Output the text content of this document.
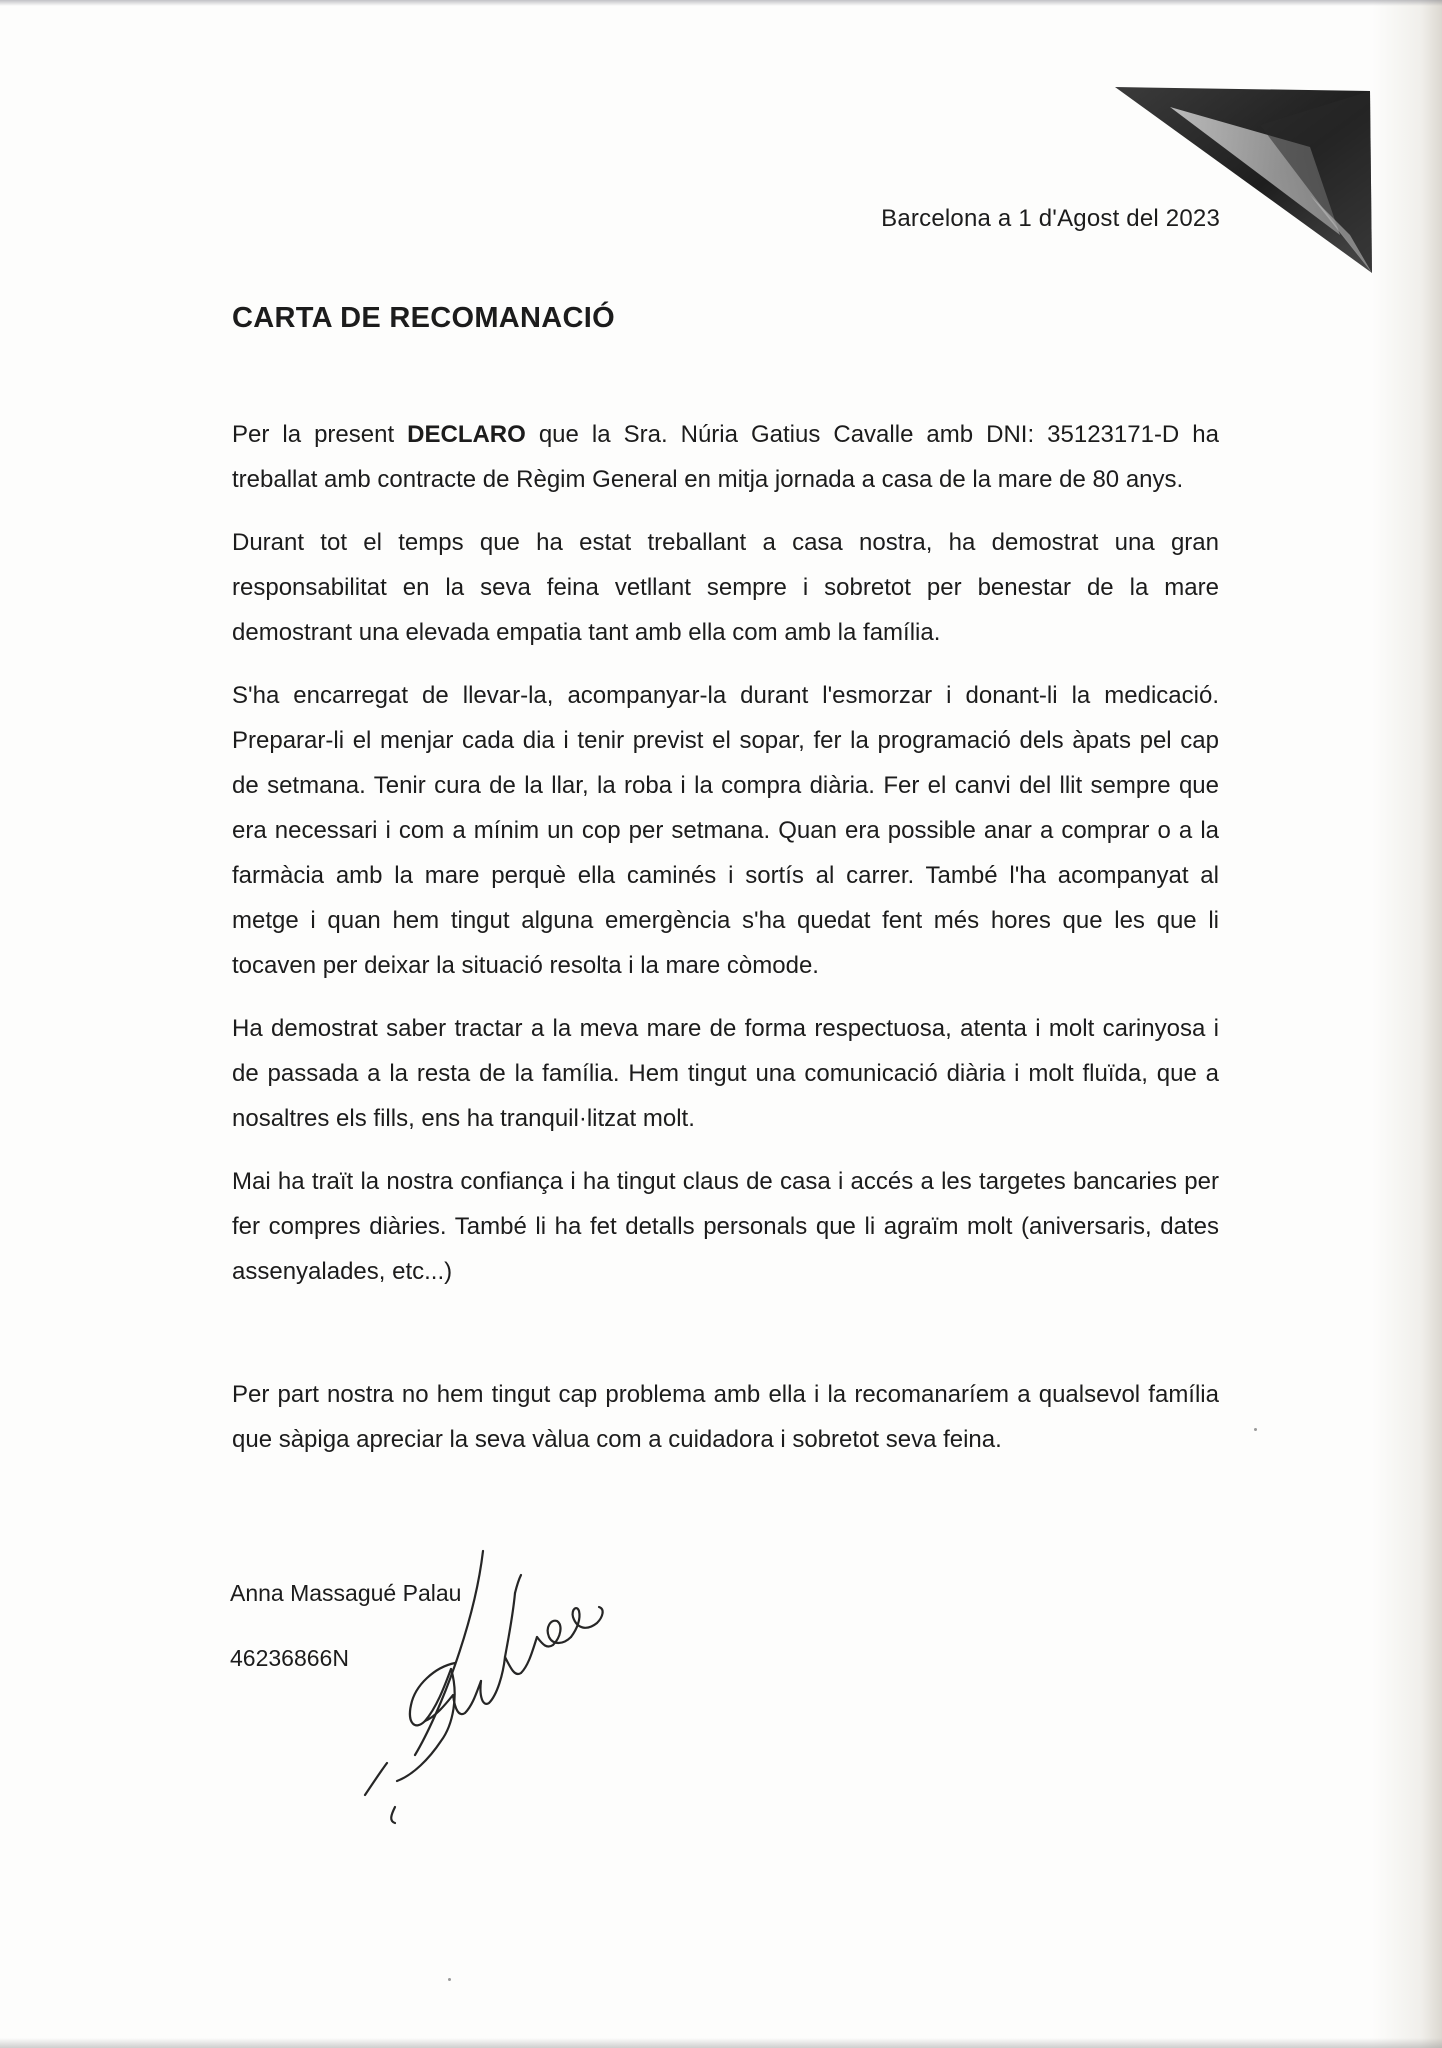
Barcelona a 1 d'Agost del 2023
CARTA DE RECOMANACIÓ

Per la present DECLARO que la Sra. Núria Gatius Cavalle amb DNI: 35123171-D ha treballat amb contracte de Règim General en mitja jornada a casa de la mare de 80 anys.

Durant tot el temps que ha estat treballant a casa nostra, ha demostrat una gran responsabilitat en la seva feina vetllant sempre i sobretot per benestar de la mare demostrant una elevada empatia tant amb ella com amb la família.

S'ha encarregat de llevar-la, acompanyar-la durant l'esmorzar i donant-li la medicació. Preparar-li el menjar cada dia i tenir previst el sopar, fer la programació dels àpats pel cap de setmana. Tenir cura de la llar, la roba i la compra diària. Fer el canvi del llit sempre que era necessari i com a mínim un cop per setmana. Quan era possible anar a comprar o a la farmàcia amb la mare perquè ella caminés i sortís al carrer. També l'ha acompanyat al metge i quan hem tingut alguna emergència s'ha quedat fent més hores que les que li tocaven per deixar la situació resolta i la mare còmode.

Ha demostrat saber tractar a la meva mare de forma respectuosa, atenta i molt carinyosa i de passada a la resta de la família. Hem tingut una comunicació diària i molt fluïda, que a nosaltres els fills, ens ha tranquil·litzat molt.

Mai ha traït la nostra confiança i ha tingut claus de casa i accés a les targetes bancaries per fer compres diàries. També li ha fet detalls personals que li agraïm molt (aniversaris, dates assenyalades, etc...)

Per part nostra no hem tingut cap problema amb ella i la recomanaríem a qualsevol família que sàpiga apreciar la seva vàlua com a cuidadora i sobretot seva feina.

Anna Massagué Palau
46236866N
